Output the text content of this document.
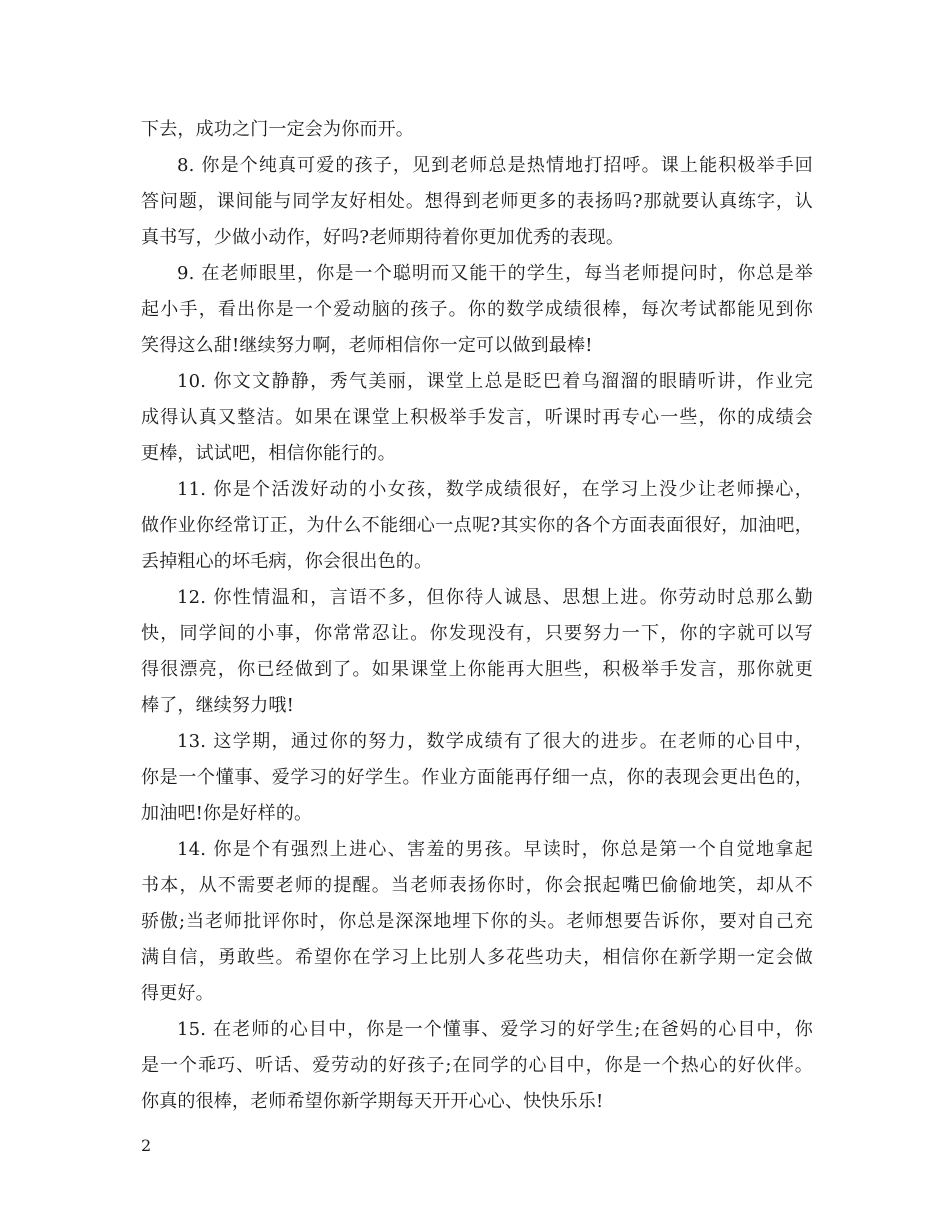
下去，成功之门一定会为你而开。
8. 你是个纯真可爱的孩子，见到老师总是热情地打招呼。课上能积极举手回
答问题，课间能与同学友好相处。想得到老师更多的表扬吗?那就要认真练字，认
真书写，少做小动作，好吗?老师期待着你更加优秀的表现。
9. 在老师眼里，你是一个聪明而又能干的学生，每当老师提问时，你总是举
起小手，看出你是一个爱动脑的孩子。你的数学成绩很棒，每次考试都能见到你
笑得这么甜!继续努力啊，老师相信你一定可以做到最棒!
10. 你文文静静，秀气美丽，课堂上总是眨巴着乌溜溜的眼睛听讲，作业完
成得认真又整洁。如果在课堂上积极举手发言，听课时再专心一些，你的成绩会
更棒，试试吧，相信你能行的。
11. 你是个活泼好动的小女孩，数学成绩很好，在学习上没少让老师操心，
做作业你经常订正，为什么不能细心一点呢?其实你的各个方面表面很好，加油吧，
丢掉粗心的坏毛病，你会很出色的。
12. 你性情温和，言语不多，但你待人诚恳、思想上进。你劳动时总那么勤
快，同学间的小事，你常常忍让。你发现没有，只要努力一下，你的字就可以写
得很漂亮，你已经做到了。如果课堂上你能再大胆些，积极举手发言，那你就更
棒了，继续努力哦!
13. 这学期，通过你的努力，数学成绩有了很大的进步。在老师的心目中，
你是一个懂事、爱学习的好学生。作业方面能再仔细一点，你的表现会更出色的，
加油吧!你是好样的。
14. 你是个有强烈上进心、害羞的男孩。早读时，你总是第一个自觉地拿起
书本，从不需要老师的提醒。当老师表扬你时，你会抿起嘴巴偷偷地笑，却从不
骄傲;当老师批评你时，你总是深深地埋下你的头。老师想要告诉你，要对自己充
满自信，勇敢些。希望你在学习上比别人多花些功夫，相信你在新学期一定会做
得更好。
15. 在老师的心目中，你是一个懂事、爱学习的好学生;在爸妈的心目中，你
是一个乖巧、听话、爱劳动的好孩子;在同学的心目中，你是一个热心的好伙伴。
你真的很棒，老师希望你新学期每天开开心心、快快乐乐!
2
